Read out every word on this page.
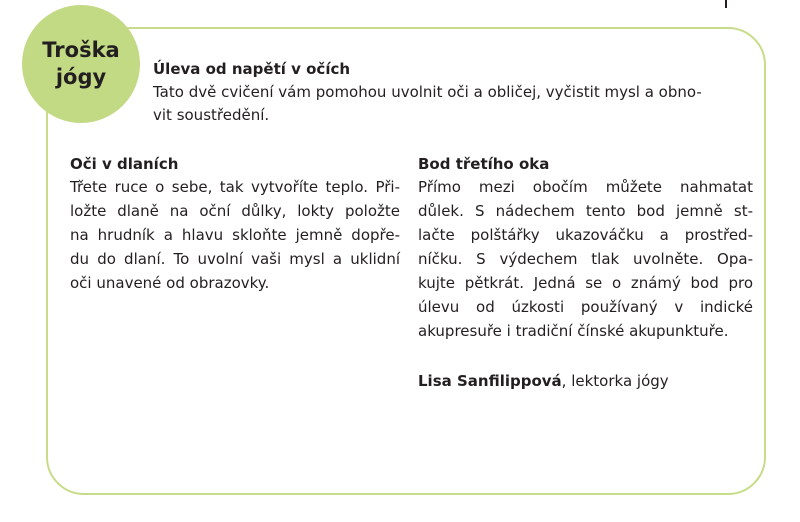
Troška
jógy	Úleva od napětí v očích

Tato dvě cvičení vám pomohou uvolnit oči a obličej, vyčistit mysl a obno-
vit soustředění.

Oči v dlaních
Třete ruce o sebe, tak vytvoříte teplo. Při-
ložte dlaně na oční důlky, lokty položte
na hrudník a hlavu skloňte jemně dopře-
du do dlaní. To uvolní vaši mysl a uklidní
oči unavené od obrazovky.
Bod třetího oka
Přímo mezi obočím můžete nahmatat
důlek. S nádechem tento bod jemně st-
lačte polštářky ukazováčku a prostřed-
níčku. S výdechem tlak uvolněte. Opa-
kujte pětkrát. Jedná se o známý bod pro
úlevu od úzkosti používaný v indické
akupresuře i tradiční čínské akupunktuře.
Lisa Sanfilippová, lektorka jógy
